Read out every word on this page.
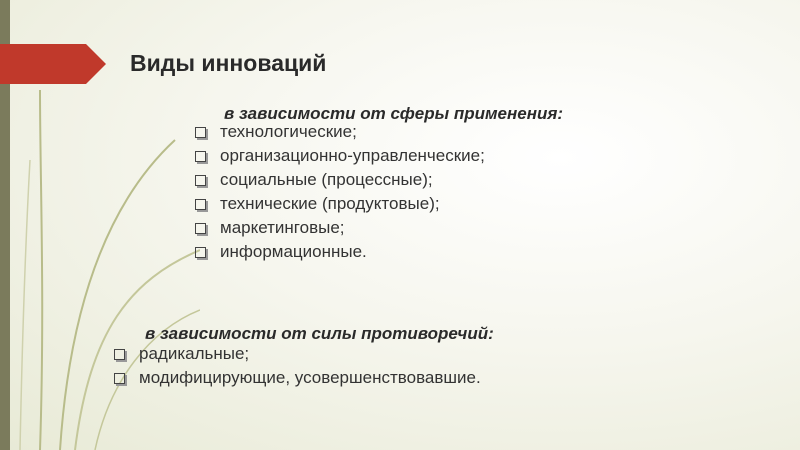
Виды инноваций

в зависимости от сферы применения:

технологические;
организационно-управленческие;
социальные (процессные);
технические (продуктовые);
маркетинговые;
информационные.

в зависимости от силы противоречий:

радикальные;
модифицирующие, усовершенствовавшие.
